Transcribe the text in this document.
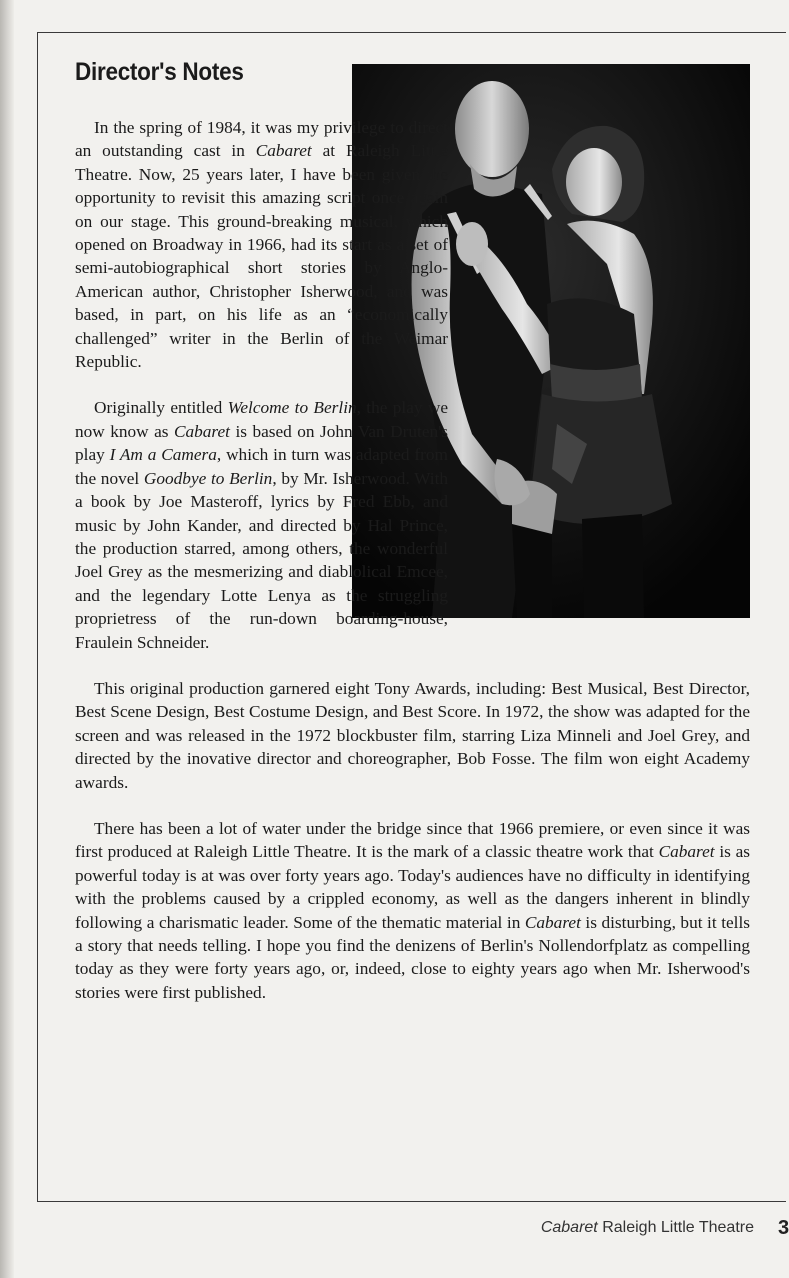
Director's Notes

In the spring of 1984, it was my privilege to direct an outstanding cast in Cabaret at Raleigh Little Theatre. Now, 25 years later, I have been given the opportunity to revisit this amazing script once again on our stage. This ground-breaking musical, which opened on Broadway in 1966, had its start as a set of semi-autobiographical short stories by Anglo-American author, Christopher Isherwood, and was based, in part, on his life as an “economically challenged” writer in the Berlin of the Weimar Republic.

Originally entitled Welcome to Berlin, the play we now know as Cabaret is based on John Van Druten's play I Am a Camera, which in turn was adapted from the novel Goodbye to Berlin, by Mr. Isherwood. With a book by Joe Masteroff, lyrics by Fred Ebb, and music by John Kander, and directed by Hal Prince, the production starred, among others, the wonderful Joel Grey as the mesmerizing and diablolical Emcee, and the legendary Lotte Lenya as the struggling proprietress of the run-down boarding-house, Fraulein Schneider.

This original production garnered eight Tony Awards, including: Best Musical, Best Director, Best Scene Design, Best Costume Design, and Best Score. In 1972, the show was adapted for the screen and was released in the 1972 blockbuster film, starring Liza Minneli and Joel Grey, and directed by the inovative director and choreographer, Bob Fosse. The film won eight Academy awards.

There has been a lot of water under the bridge since that 1966 premiere, or even since it was first produced at Raleigh Little Theatre. It is the mark of a classic theatre work that Cabaret is as powerful today is at was over forty years ago. Today's audiences have no difficulty in identifying with the problems caused by a crippled economy, as well as the dangers inherent in blindly following a charismatic leader. Some of the thematic material in Cabaret is disturbing, but it tells a story that needs telling. I hope you find the denizens of Berlin's Nollendorfplatz as compelling today as they were forty years ago, or, indeed, close to eighty years ago when Mr. Isherwood's stories were first published.

Cabaret Raleigh Little Theatre 3
